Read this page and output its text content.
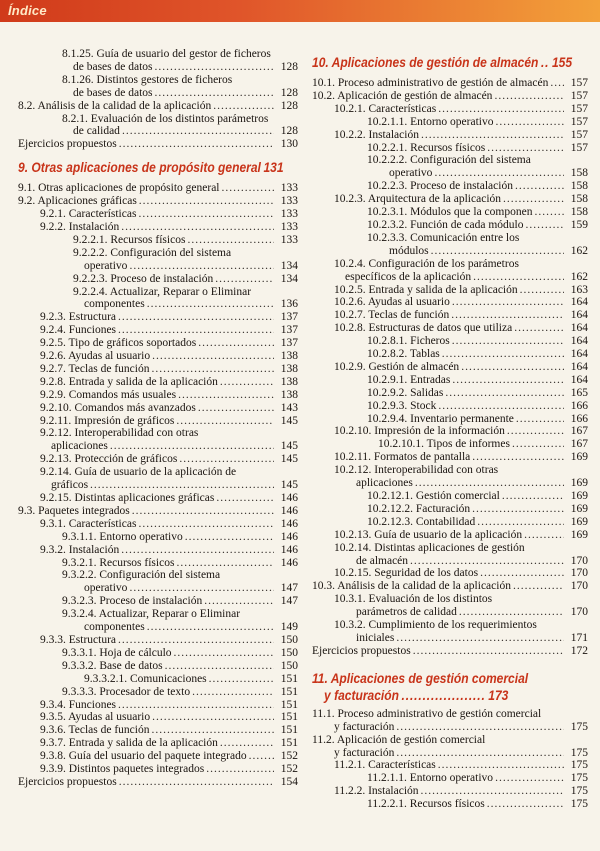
Índice
8.1.25. Guía de usuario del gestor de ficheros
de bases de datos .....	128
8.1.26. Distintos gestores de ficheros
de bases de datos .....	128
8.2. Análisis de la calidad de la aplicación .....	128
8.2.1. Evaluación de los distintos parámetros
de calidad .....	128
Ejercicios propuestos .....	130
9. Otras aplicaciones de propósito general 131
9.1. Otras aplicaciones de propósito general .....	133
9.2. Aplicaciones gráficas .....	133
9.2.1. Características .....	133
9.2.2. Instalación .....	133
9.2.2.1. Recursos físicos .....	133
9.2.2.2. Configuración del sistema
operativo .....	134
9.2.2.3. Proceso de instalación .....	134
9.2.2.4. Actualizar, Reparar o Eliminar
componentes .....	136
9.2.3. Estructura .....	137
9.2.4. Funciones .....	137
9.2.5. Tipo de gráficos soportados .....	137
9.2.6. Ayudas al usuario .....	138
9.2.7. Teclas de función .....	138
9.2.8. Entrada y salida de la aplicación .....	138
9.2.9. Comandos más usuales .....	138
9.2.10. Comandos más avanzados .....	143
9.2.11. Impresión de gráficos .....	145
9.2.12. Interoperabilidad con otras
aplicaciones .....	145
9.2.13. Protección de gráficos .....	145
9.2.14. Guía de usuario de la aplicación de
gráficos .....	145
9.2.15. Distintas aplicaciones gráficas .....	146
9.3. Paquetes integrados .....	146
9.3.1. Características .....	146
9.3.1.1. Entorno operativo .....	146
9.3.2. Instalación .....	146
9.3.2.1. Recursos físicos .....	146
9.3.2.2. Configuración del sistema
operativo .....	147
9.3.2.3. Proceso de instalación .....	147
9.3.2.4. Actualizar, Reparar o Eliminar
componentes .....	149
9.3.3. Estructura .....	150
9.3.3.1. Hoja de cálculo .....	150
9.3.3.2. Base de datos .....	150
9.3.3.2.1. Comunicaciones .....	151
9.3.3.3. Procesador de texto .....	151
9.3.4. Funciones .....	151
9.3.5. Ayudas al usuario .....	151
9.3.6. Teclas de función .....	151
9.3.7. Entrada y salida de la aplicación .....	151
9.3.8. Guía del usuario del paquete integrado .....	152
9.3.9. Distintos paquetes integrados .....	152
Ejercicios propuestos .....	154
10. Aplicaciones de gestión de almacén .. 155
10.1. Proceso administrativo de gestión de almacén .....	157
10.2. Aplicación de gestión de almacén .....	157
10.2.1. Características .....	157
10.2.1.1. Entorno operativo .....	157
10.2.2. Instalación .....	157
10.2.2.1. Recursos físicos .....	157
10.2.2.2. Configuración del sistema
operativo .....	158
10.2.2.3. Proceso de instalación .....	158
10.2.3. Arquitectura de la aplicación .....	158
10.2.3.1. Módulos que la componen .....	158
10.2.3.2. Función de cada módulo .....	159
10.2.3.3. Comunicación entre los
módulos .....	162
10.2.4. Configuración de los parámetros
específicos de la aplicación .....	162
10.2.5. Entrada y salida de la aplicación .....	163
10.2.6. Ayudas al usuario .....	164
10.2.7. Teclas de función .....	164
10.2.8. Estructuras de datos que utiliza .....	164
10.2.8.1. Ficheros .....	164
10.2.8.2. Tablas .....	164
10.2.9. Gestión de almacén .....	164
10.2.9.1. Entradas .....	164
10.2.9.2. Salidas .....	165
10.2.9.3. Stock .....	166
10.2.9.4. Inventario permanente .....	166
10.2.10. Impresión de la información .....	167
10.2.10.1. Tipos de informes .....	167
10.2.11. Formatos de pantalla .....	169
10.2.12. Interoperabilidad con otras
aplicaciones .....	169
10.2.12.1. Gestión comercial .....	169
10.2.12.2. Facturación .....	169
10.2.12.3. Contabilidad .....	169
10.2.13. Guía de usuario de la aplicación .....	169
10.2.14. Distintas aplicaciones de gestión
de almacén .....	170
10.2.15. Seguridad de los datos .....	170
10.3. Análisis de la calidad de la aplicación .....	170
10.3.1. Evaluación de los distintos
parámetros de calidad .....	170
10.3.2. Cumplimiento de los requerimientos
iniciales .....	171
Ejercicios propuestos .....	172
11. Aplicaciones de gestión comercial
y facturación .................... 173
11.1. Proceso administrativo de gestión comercial
y facturación .....	175
11.2. Aplicación de gestión comercial
y facturación .....	175
11.2.1. Características .....	175
11.2.1.1. Entorno operativo .....	175
11.2.2. Instalación .....	175
11.2.2.1. Recursos físicos .....	175
